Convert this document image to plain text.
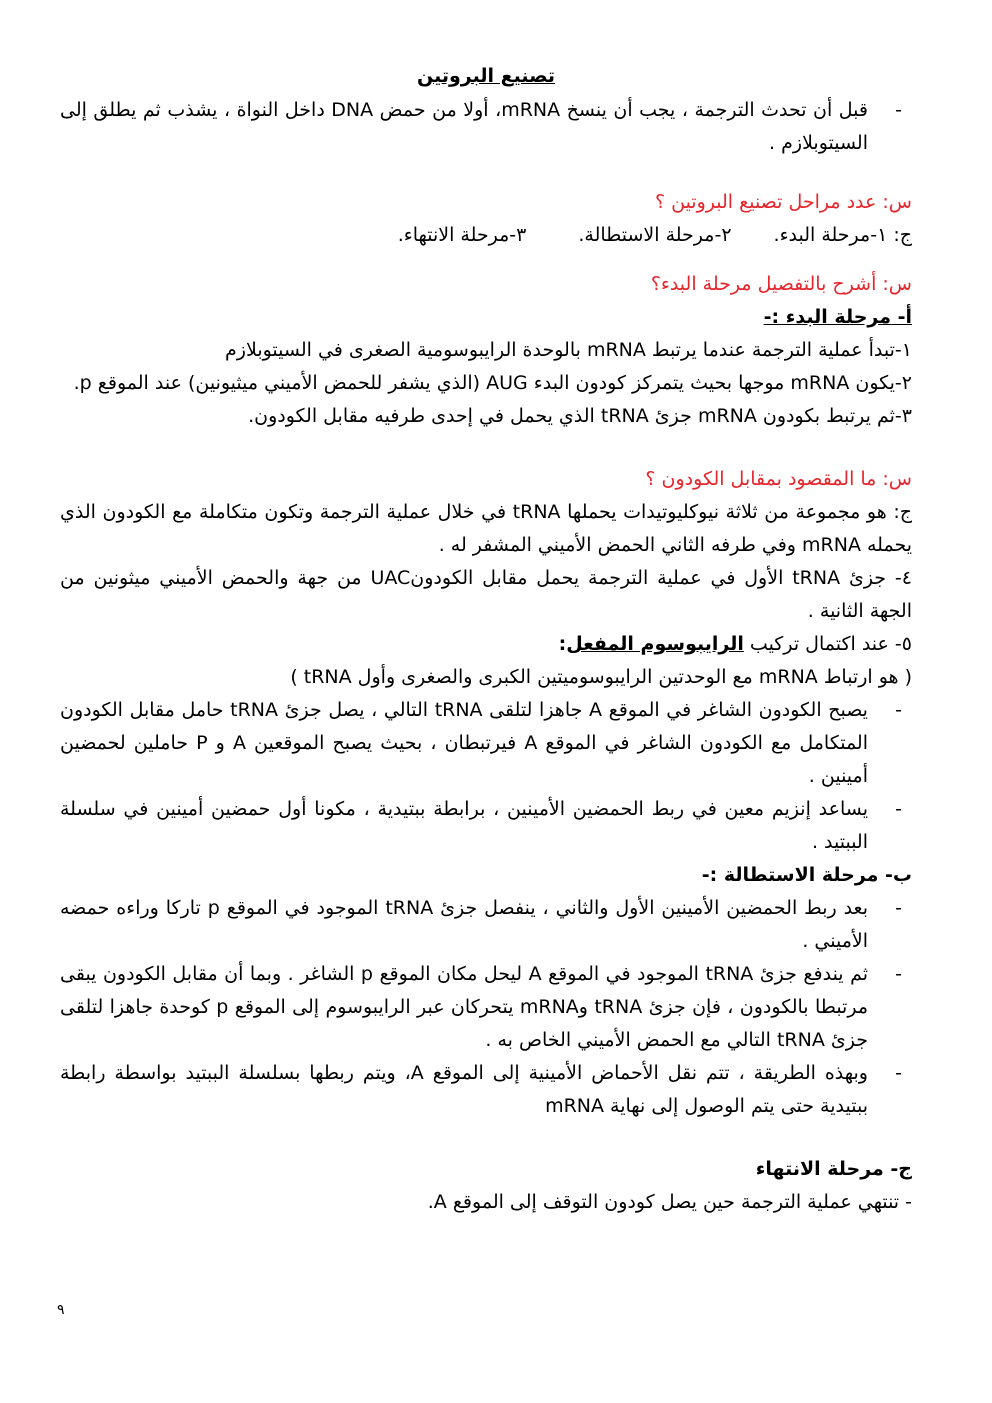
تصنيع البروتين
- قبل أن تحدث الترجمة ، يجب أن ينسخ mRNA، أولا من حمض DNA داخل النواة ، يشذب ثم يطلق إلى السيتوبلازم .

س: عدد مراحل تصنيع البروتين ؟

ج: ١-مرحلة البدء.٢-مرحلة الاستطالة.٣-مرحلة الانتهاء.

س: أشرح بالتفصيل مرحلة البدء؟

أ- مرحلة البدء :-

١-تبدأ عملية الترجمة عندما يرتبط mRNA بالوحدة الرايبوسومية الصغرى في السيتوبلازم

٢-يكون mRNA موجها بحيث يتمركز كودون البدء AUG (الذي يشفر للحمض الأميني ميثيونين) عند الموقع p.

٣-ثم يرتبط بكودون mRNA جزئ tRNA الذي يحمل في إحدى طرفيه مقابل الكودون.

س: ما المقصود بمقابل الكودون ؟

ج: هو مجموعة من ثلاثة نيوكليوتيدات يحملها tRNA في خلال عملية الترجمة وتكون متكاملة مع الكودون الذي يحمله mRNA وفي طرفه الثاني الحمض الأميني المشفر له .

٤- جزئ tRNA الأول في عملية الترجمة يحمل مقابل الكودونUAC من جهة والحمض الأميني ميثونين من الجهة الثانية .

٥- عند اكتمال تركيب الرايبوسوم المفعل:

( هو ارتباط mRNA مع الوحدتين الرايبوسوميتين الكبرى والصغرى وأول tRNA )

- يصبح الكودون الشاغر في الموقع A جاهزا لتلقى tRNA التالي ، يصل جزئ tRNA حامل مقابل الكودون المتكامل مع الكودون الشاغر في الموقع A فيرتبطان ، بحيث يصبح الموقعين A و P حاملين لحمضين أمينين .
- يساعد إنزيم معين في ربط الحمضين الأمينين ، برابطة ببتيدية ، مكونا أول حمضين أمينين في سلسلة الببتيد .

ب- مرحلة الاستطالة :-

- بعد ربط الحمضين الأمينين الأول والثاني ، ينفصل جزئ tRNA الموجود في الموقع p تاركا وراءه حمضه الأميني .
- ثم يندفع جزئ tRNA الموجود في الموقع A ليحل مكان الموقع p الشاغر . وبما أن مقابل الكودون يبقى مرتبطا بالكودون ، فإن جزئ tRNA وmRNA يتحركان عبر الرايبوسوم إلى الموقع p كوحدة جاهزا لتلقى جزئ tRNA التالي مع الحمض الأميني الخاص به .
- وبهذه الطريقة ، تتم نقل الأحماض الأمينية إلى الموقع A، ويتم ربطها بسلسلة الببتيد بواسطة رابطة ببتيدية حتى يتم الوصول إلى نهاية mRNA

ج- مرحلة الانتهاء

- تنتهي عملية الترجمة حين يصل كودون التوقف إلى الموقع A.

٩
